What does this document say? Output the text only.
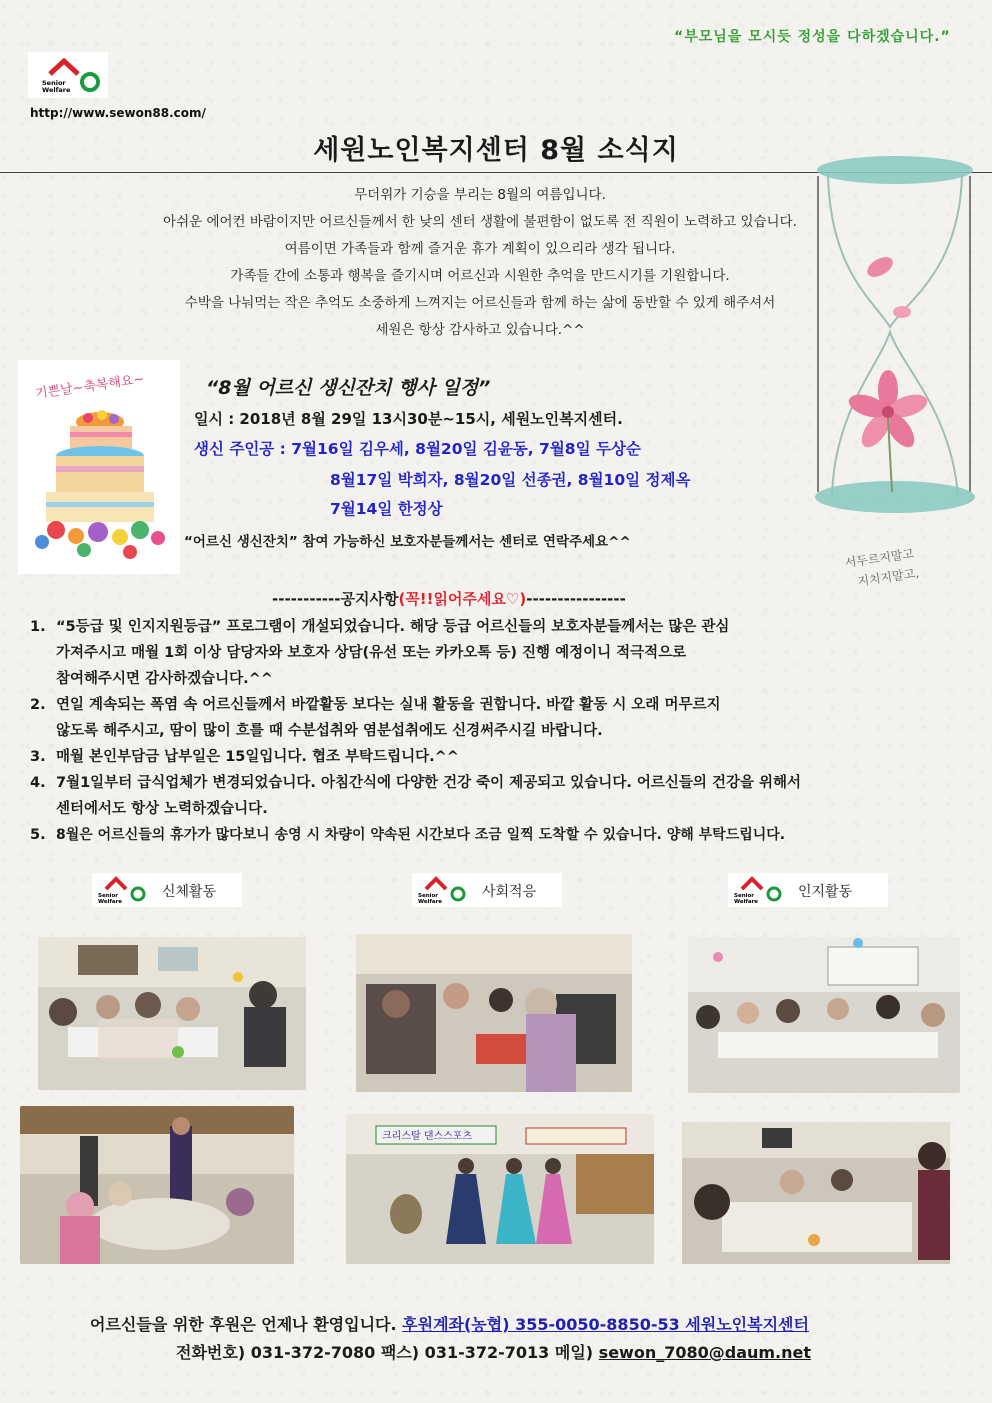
“부모님을 모시듯 정성을 다하겠습니다.”
Senior
Welfare
http://www.sewon88.com/
세원노인복지센터 8월 소식지
무더위가 기승을 부리는 8월의 여름입니다.
아쉬운 에어컨 바람이지만 어르신들께서 한 낮의 센터 생활에 불편함이 없도록 전 직원이 노력하고 있습니다.
여름이면 가족들과 함께 즐거운 휴가 계획이 있으리라 생각 됩니다.
가족들 간에 소통과 행복을 즐기시며 어르신과 시원한 추억을 만드시기를 기원합니다.
수박을 나눠먹는 작은 추억도 소중하게 느껴지는 어르신들과 함께 하는 삶에 동반할 수 있게 해주셔서
세원은 항상 감사하고 있습니다.^^
기쁜날~축복해요~	“8월 어르신 생신잔치 행사 일정”
일시 : 2018년 8월 29일 13시30분~15시, 세원노인복지센터.
생신 주인공 : 7월16일 김우세, 8월20일 김윤동, 7월8일 두상순
8월17일 박희자, 8월20일 선종권, 8월10일 정제옥
7월14일 한정상
“어르신 생신잔치” 참여 가능하신 보호자분들께서는 센터로 연락주세요^^
서두르지말고
지치지말고,
-----------공지사항(꼭!!읽어주세요♡)----------------
1. “5등급 및 인지지원등급” 프로그램이 개설되었습니다. 해당 등급 어르신들의 보호자분들께서는 많은 관심
가져주시고 매월 1회 이상 담당자와 보호자 상담(유선 또는 카카오톡 등) 진행 예정이니 적극적으로
참여해주시면 감사하겠습니다.^^
2. 연일 계속되는 폭염 속 어르신들께서 바깥활동 보다는 실내 활동을 권합니다. 바깥 활동 시 오래 머무르지
않도록 해주시고, 땀이 많이 흐를 때 수분섭취와 염분섭취에도 신경써주시길 바랍니다.
3. 매월 본인부담금 납부일은 15일입니다. 협조 부탁드립니다.^^
4. 7월1일부터 급식업체가 변경되었습니다. 아침간식에 다양한 건강 죽이 제공되고 있습니다. 어르신들의 건강을 위해서
센터에서도 항상 노력하겠습니다.
5. 8월은 어르신들의 휴가가 많다보니 송영 시 차량이 약속된 시간보다 조금 일찍 도착할 수 있습니다. 양해 부탁드립니다.
Senior
Welfare
신체활동	Senior
Welfare
사회적응	Senior
Welfare
인지활동
크리스탈 댄스스포츠
어르신들을 위한 후원은 언제나 환영입니다. 후원계좌(농협) 355-0050-8850-53 세원노인복지센터
전화번호) 031-372-7080 팩스) 031-372-7013 메일) sewon_7080@daum.net
